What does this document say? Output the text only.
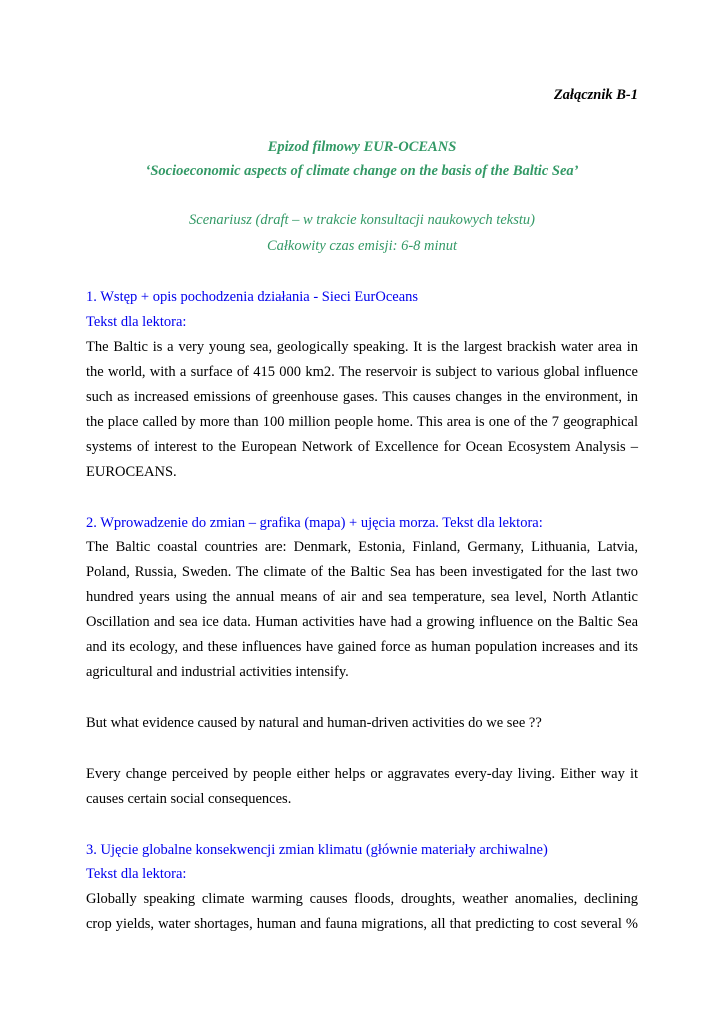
Załącznik B-1
Epizod filmowy EUR-OCEANS
‘Socioeconomic aspects of climate change on the basis of the Baltic Sea’
Scenariusz (draft – w trakcie konsultacji naukowych tekstu)
Całkowity czas emisji: 6-8 minut
1. Wstęp + opis pochodzenia działania - Sieci EurOceans
Tekst dla lektora:
The Baltic is a very young sea, geologically speaking. It is the largest brackish water area in
the world, with a surface of 415 000 km2. The reservoir is subject to various global influence
such as increased emissions of greenhouse gases. This causes changes in the environment, in
the place called by more than 100 million people home. This area is one of the 7 geographical
systems of interest to the European Network of Excellence for Ocean Ecosystem Analysis –
EUROCEANS.
2. Wprowadzenie do zmian – grafika (mapa) + ujęcia morza. Tekst dla lektora:
The Baltic coastal countries are: Denmark, Estonia, Finland, Germany, Lithuania, Latvia,
Poland, Russia, Sweden. The climate of the Baltic Sea has been investigated for the last two
hundred years using the annual means of air and sea temperature, sea level, North Atlantic
Oscillation and sea ice data. Human activities have had a growing influence on the Baltic Sea
and its ecology, and these influences have gained force as human population increases and its
agricultural and industrial activities intensify.
But what evidence caused by natural and human-driven activities do we see ??
Every change perceived by people either helps or aggravates every-day living. Either way it
causes certain social consequences.
3. Ujęcie globalne konsekwencji zmian klimatu (głównie materiały archiwalne)
Tekst dla lektora:
Globally speaking climate warming causes floods, droughts, weather anomalies, declining
crop yields, water shortages, human and fauna migrations, all that predicting to cost several %
